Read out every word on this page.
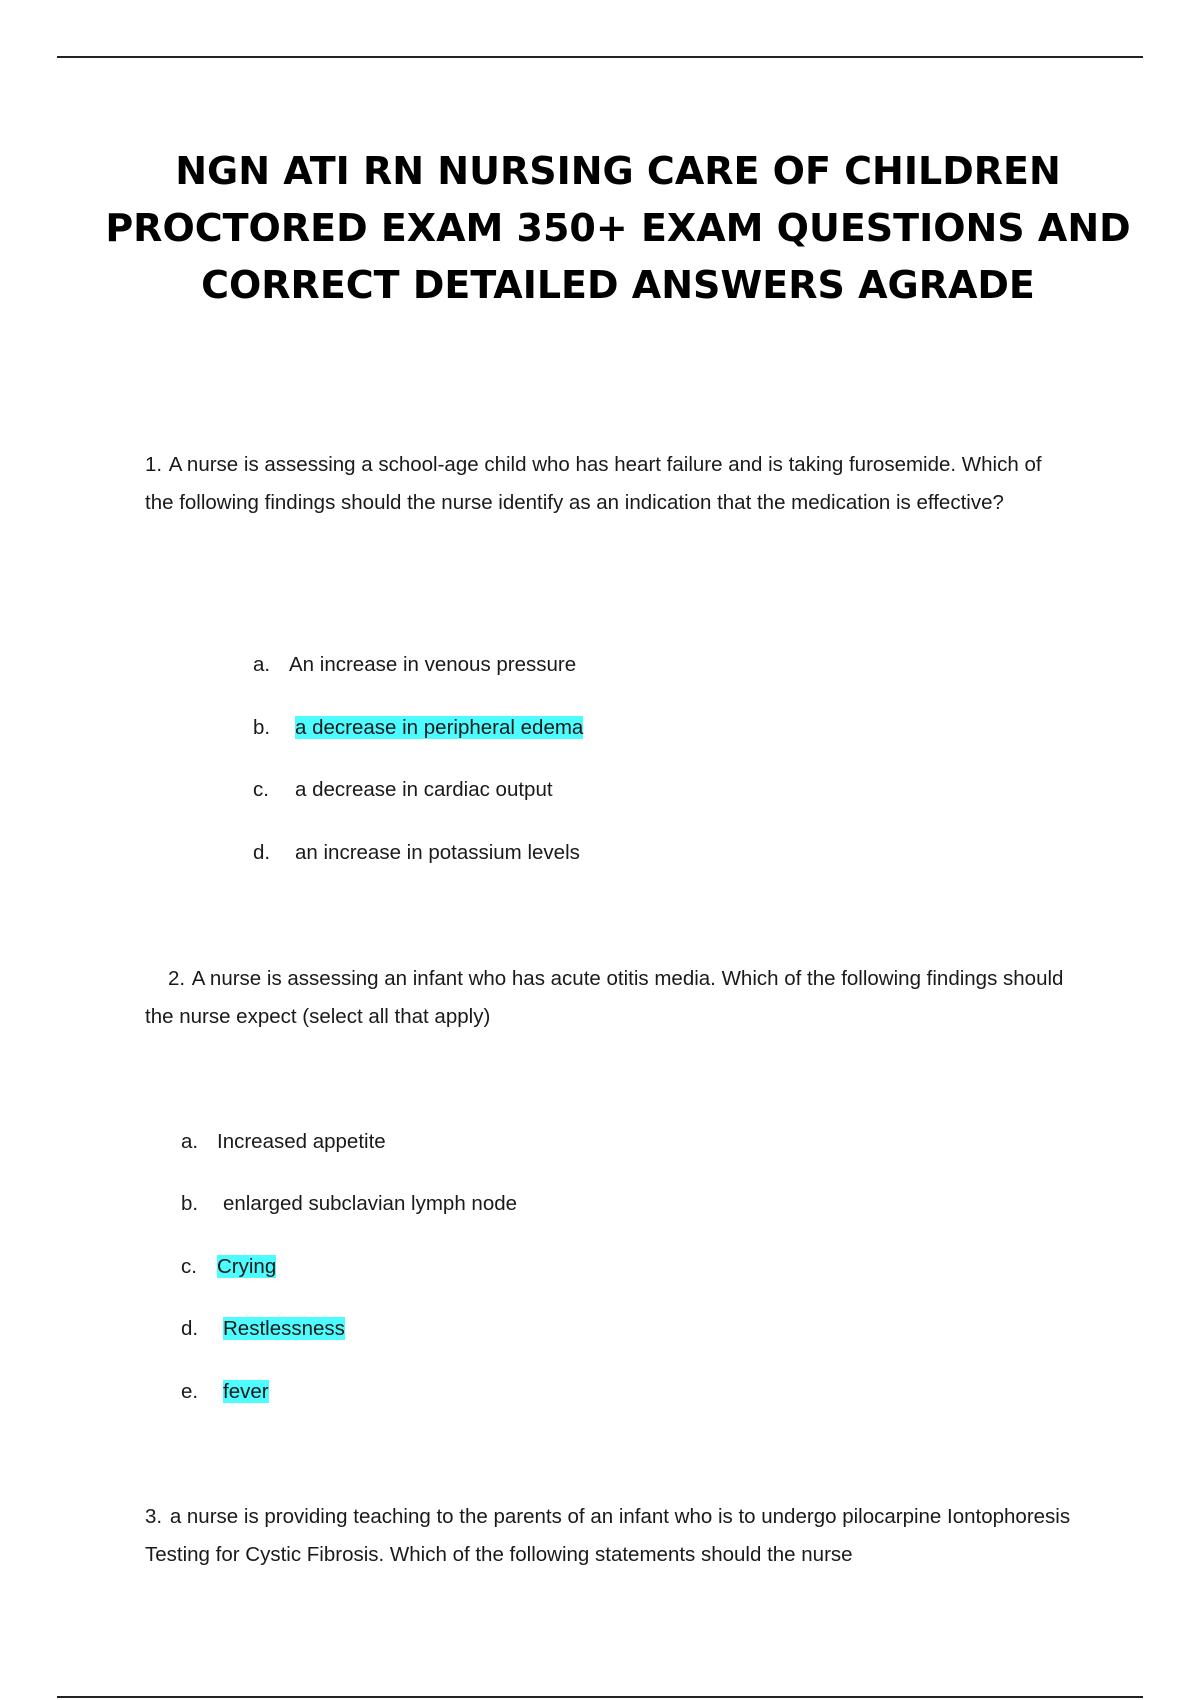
NGN ATI RN NURSING CARE OF CHILDREN PROCTORED EXAM 350+ EXAM QUESTIONS AND CORRECT DETAILED ANSWERS AGRADE

1. A nurse is assessing a school-age child who has heart failure and is taking furosemide. Which of the following findings should the nurse identify as an indication that the medication is effective?

a. An increase in venous pressure
b. a decrease in peripheral edema
c. a decrease in cardiac output
d. an increase in potassium levels

2. A nurse is assessing an infant who has acute otitis media. Which of the following findings should the nurse expect (select all that apply)

a. Increased appetite
b. enlarged subclavian lymph node
c. Crying
d. Restlessness
e. fever

3. a nurse is providing teaching to the parents of an infant who is to undergo pilocarpine Iontophoresis Testing for Cystic Fibrosis. Which of the following statements should the nurse
